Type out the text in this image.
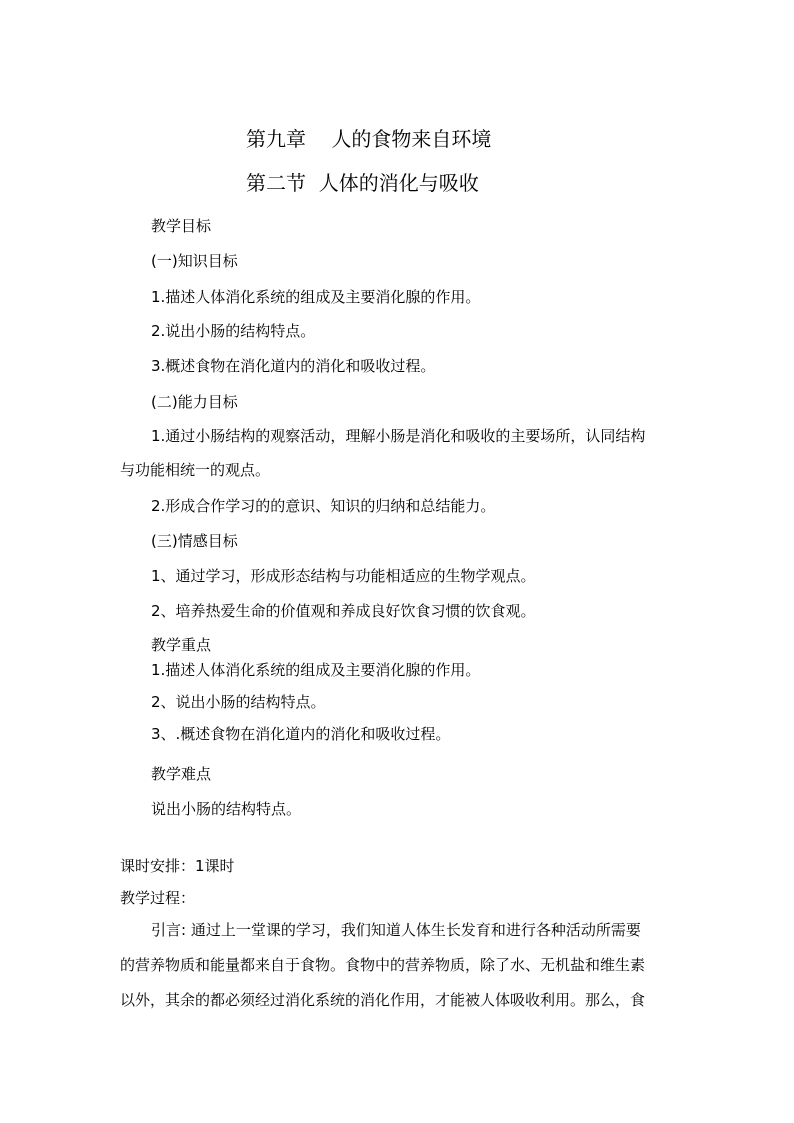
第九章    人的食物来自环境
第二节  人体的消化与吸收
教学目标
(一)知识目标
1.描述人体消化系统的组成及主要消化腺的作用。
2.说出小肠的结构特点。
3.概述食物在消化道内的消化和吸收过程。
(二)能力目标
1.通过小肠结构的观察活动，理解小肠是消化和吸收的主要场所，认同结构
与功能相统一的观点。
2.形成合作学习的的意识、知识的归纳和总结能力。
(三)情感目标
1、通过学习，形成形态结构与功能相适应的生物学观点。
2、培养热爱生命的价值观和养成良好饮食习惯的饮食观。
教学重点
1.描述人体消化系统的组成及主要消化腺的作用。
2、说出小肠的结构特点。
3、.概述食物在消化道内的消化和吸收过程。
教学难点
说出小肠的结构特点。
课时安排：1课时
教学过程：
引言: 通过上一堂课的学习，我们知道人体生长发育和进行各种活动所需要
的营养物质和能量都来自于食物。食物中的营养物质，除了水、无机盐和维生素
以外，其余的都必须经过消化系统的消化作用，才能被人体吸收利用。那么，食
